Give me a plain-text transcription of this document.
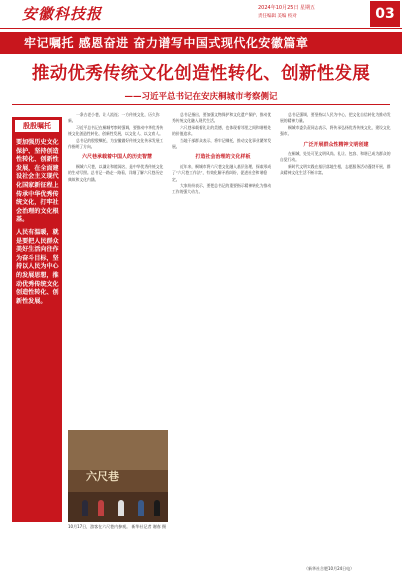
安徽科技报	2024年10月25日 星期五
责任编辑 美编 校对	03
牢记嘱托 感恩奋进 奋力谱写中国式现代化安徽篇章
推动优秀传统文化创造性转化、创新性发展
——习近平总书记在安庆桐城市考察侧记
殷殷嘱托

要加强历史文化保护、坚持创造性转化、创新性发展，在全面建设社会主义现代化国家新征程上传承中华优秀传统文化，打牢社会治理的文化根基。

人民有温暖，就是要把人民群众美好生活向往作为奋斗目标，坚持以人民为中心的发展思想，推动优秀传统文化创造性转化、创新性发展。

一条古老小巷，让人流连；一方传统文化，历久弥新。

习近平总书记在桐城考察时强调，要推动中华优秀传统文化创造性转化、创新性发展，以文化人、以文育人。

总书记的殷殷嘱托，为安徽做好传统文化传承发展工作指明了方向。

六尺巷承载着中国人的历史智慧

桐城六尺巷，以谦让和睦闻名，是中华优秀传统文化的生动写照。总书记一路走一路看，详细了解六尺巷历史典故和文化内涵。

六尺巷
10月17日，游客在六尺巷内参观。 新华社记者 谢春 摄

总书记指出，要加强文物保护和文化遗产保护，推动优秀传统文化融入现代生活。

六尺巷承载着礼让的美德，也体现着邻里之间和谐相处的价值追求。

当地干部群众表示，将牢记嘱托，推动文化事业繁荣发展。

打造社会治理的文化样板

近年来，桐城市将六尺巷文化融入基层治理，探索形成了“六尺巷工作法”，有效化解矛盾纠纷，促进社会和谐稳定。

大家纷纷表示，要把总书记的重要指示精神转化为推动工作的强大动力。

总书记强调，要坚持以人民为中心，把文化自信转化为推动发展的精神力量。

桐城市委负责同志表示，将传承弘扬优秀传统文化，建设文化强市。

广泛开展群众性精神文明创建

在桐城，处处可见文明风尚。礼让、包容、和谐已成为群众的自觉行动。

新时代文明实践在基层落地生根，志愿服务活动蓬勃开展，群众精神文化生活不断丰富。

（新华社合肥10月24日电）
